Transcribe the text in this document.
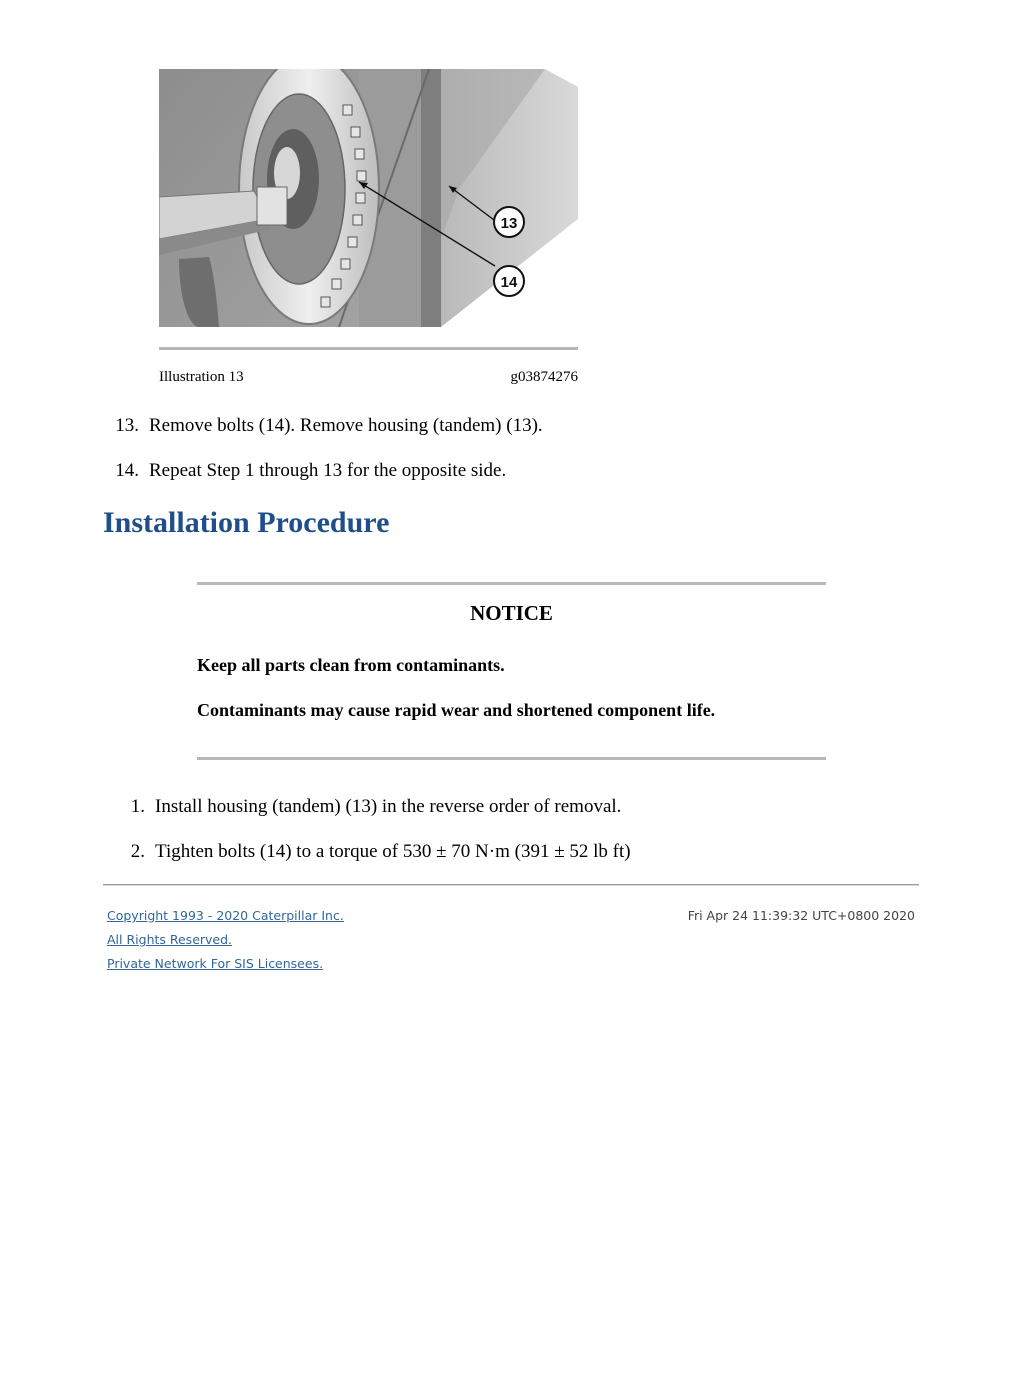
13
14
Illustration 13	g03874276
13. Remove bolts (14). Remove housing (tandem) (13).
14. Repeat Step 1 through 13 for the opposite side.
Installation Procedure
NOTICE
Keep all parts clean from contaminants.
Contaminants may cause rapid wear and shortened component life.
1. Install housing (tandem) (13) in the reverse order of removal.
2. Tighten bolts (14) to a torque of 530 ± 70 N·m (391 ± 52 lb ft)
Copyright 1993 - 2020 Caterpillar Inc.	Fri Apr 24 11:39:32 UTC+0800 2020
All Rights Reserved.
Private Network For SIS Licensees.
